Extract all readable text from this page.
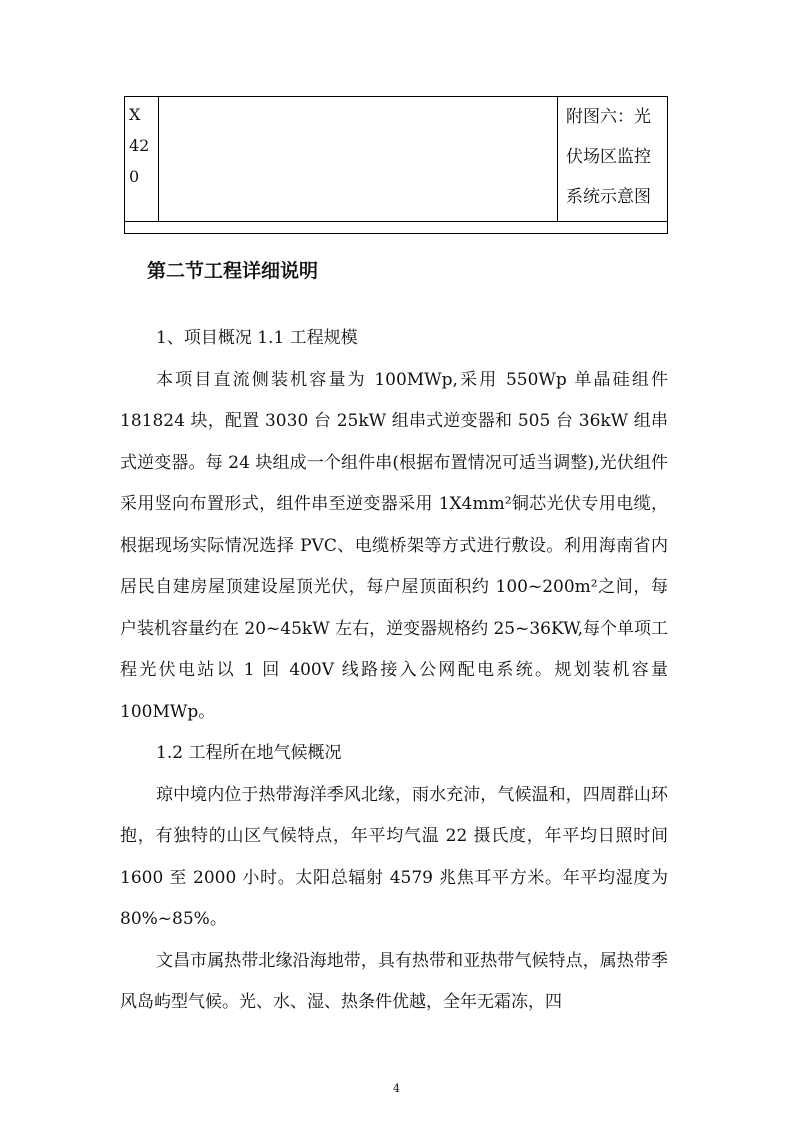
X
42
0
附图六：光
伏场区监控
系统示意图
第二节工程详细说明

1、项目概况 1.1 工程规模

本项目直流侧装机容量为 100MWp,采用 550Wp 单晶硅组件 181824 块，配置 3030 台 25kW 组串式逆变器和 505 台 36kW 组串式逆变器。每 24 块组成一个组件串(根据布置情况可适当调整),光伏组件采用竖向布置形式，组件串至逆变器采用 1X4mm²铜芯光伏专用电缆，根据现场实际情况选择 PVC、电缆桥架等方式进行敷设。利用海南省内居民自建房屋顶建设屋顶光伏，每户屋顶面积约 100~200m²之间，每户装机容量约在 20~45kW 左右，逆变器规格约 25~36KW,每个单项工程光伏电站以 1 回 400V 线路接入公网配电系统。规划装机容量 100MWp。

1.2 工程所在地气候概况

琼中境内位于热带海洋季风北缘，雨水充沛，气候温和，四周群山环抱，有独特的山区气候特点，年平均气温 22 摄氏度，年平均日照时间 1600 至 2000 小时。太阳总辐射 4579 兆焦耳平方米。年平均湿度为 80%~85%。

文昌市属热带北缘沿海地带，具有热带和亚热带气候特点，属热带季风岛屿型气候。光、水、湿、热条件优越，全年无霜冻，四

4
